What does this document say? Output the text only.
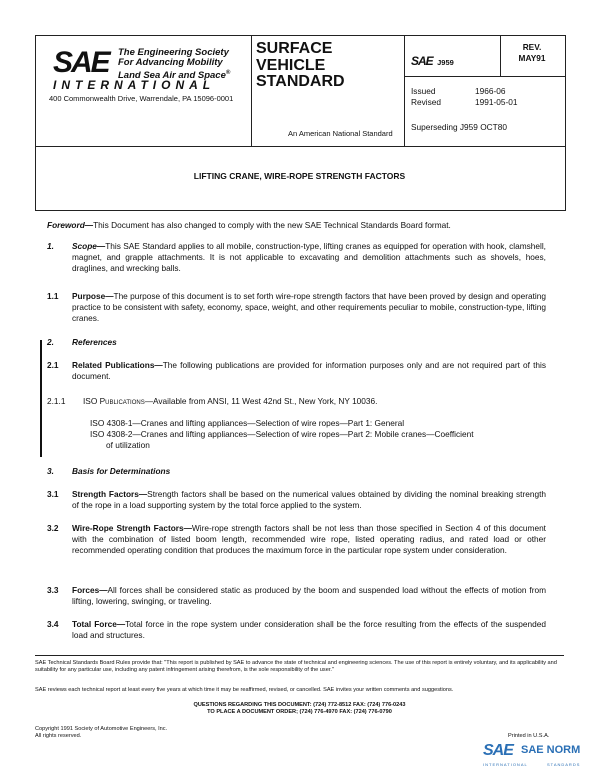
SAE The Engineering Society
For Advancing Mobility
Land Sea Air and Space®
INTERNATIONAL
400 Commonwealth Drive, Warrendale, PA 15096-0001
SURFACE
VEHICLE
STANDARD
An American National Standard
SAE J959
REV.
MAY91
Issued	1966-06
Revised	1991-05-01
Superseding J959 OCT80
LIFTING CRANE, WIRE-ROPE STRENGTH FACTORS
Foreword—This Document has also changed to comply with the new SAE Technical Standards Board format.
1. Scope—This SAE Standard applies to all mobile, construction-type, lifting cranes as equipped for operation with hook, clamshell, magnet, and grapple attachments. It is not applicable to excavating and demolition attachments such as shovels, hoes, draglines, and wrecking balls.
1.1 Purpose—The purpose of this document is to set forth wire-rope strength factors that have been proved by design and operating practice to be consistent with safety, economy, space, weight, and other requirements peculiar to mobile, construction-type, lifting cranes.
2. References
2.1 Related Publications—The following publications are provided for information purposes only and are not required part of this document.
2.1.1 ISO Publications—Available from ANSI, 11 West 42nd St., New York, NY 10036.
ISO 4308-1—Cranes and lifting appliances—Selection of wire ropes—Part 1: General
ISO 4308-2—Cranes and lifting appliances—Selection of wire ropes—Part 2: Mobile cranes—Coefficient
of utilization
3. Basis for Determinations
3.1 Strength Factors—Strength factors shall be based on the numerical values obtained by dividing the nominal breaking strength of the rope in a load supporting system by the total force applied to the system.
3.2 Wire-Rope Strength Factors—Wire-rope strength factors shall be not less than those specified in Section 4 of this document with the combination of listed boom length, recommended wire rope, listed operating radius, and rated load or other recommended operating condition that produces the maximum force in the particular rope system under consideration.
3.3 Forces—All forces shall be considered static as produced by the boom and suspended load without the effects of motion from lifting, lowering, swinging, or traveling.
3.4 Total Force—Total force in the rope system under consideration shall be the force resulting from the effects of the suspended load and structures.
SAE Technical Standards Board Rules provide that: "This report is published by SAE to advance the state of technical and engineering sciences. The use of this report is entirely voluntary, and its applicability and suitability for any particular use, including any patent infringement arising therefrom, is the sole responsibility of the user."
SAE reviews each technical report at least every five years at which time it may be reaffirmed, revised, or cancelled. SAE invites your written comments and suggestions.
QUESTIONS REGARDING THIS DOCUMENT: (724) 772-8512 FAX: (724) 776-0243
TO PLACE A DOCUMENT ORDER; (724) 776-4970 FAX: (724) 776-0790
Copyright 1991 Society of Automotive Engineers, Inc.
All rights reserved.	Printed in U.S.A.
SAE SAE NORM
INTERNATIONAL	STANDARDS
